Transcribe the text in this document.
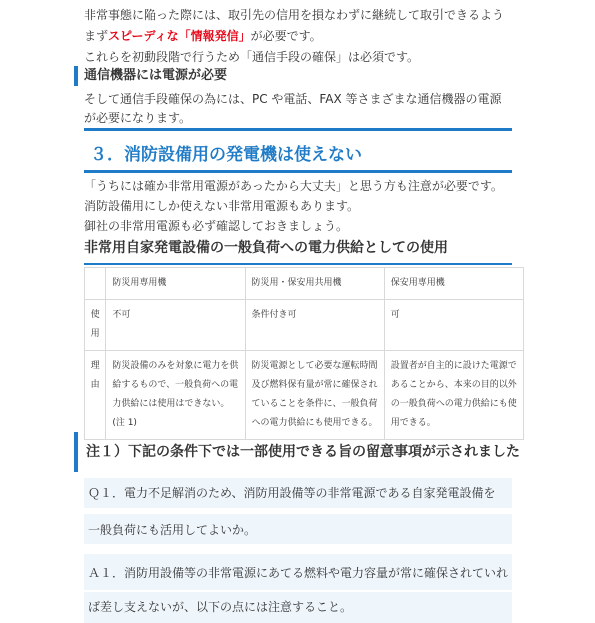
非常事態に陥った際には、取引先の信用を損なわずに継続して取引できるよう
まずスピーディな「情報発信」が必要です。
これらを初動段階で行うため「通信手段の確保」は必須です。
通信機器には電源が必要
そして通信手段確保の為には、PC や電話、FAX 等さまざまな通信機器の電源
が必要になります。
３．消防設備用の発電機は使えない
「うちには確か非常用電源があったから大丈夫」と思う方も注意が必要です。
消防設備用にしか使えない非常用電源もあります。
御社の非常用電源も必ず確認しておきましょう。
非常用自家発電設備の一般負荷への電力供給としての使用
	防災用専用機	防災用・保安用共用機	保安用専用機
使用	不可	条件付き可	可
理由	防災設備のみを対象に電力を供給するもので、一般負荷への電力供給には使用はできない。(注 1)	防災電源として必要な運転時間及び燃料保有量が常に確保されていることを条件に、一般負荷への電力供給にも使用できる。	設置者が自主的に設けた電源であることから、本来の目的以外の一般負荷への電力供給にも使用できる。
注１）下記の条件下では一部使用できる旨の留意事項が示されました
Ｑ１．電力不足解消のため、消防用設備等の非常電源である自家発電設備を
一般負荷にも活用してよいか。
Ａ１．消防用設備等の非常電源にあてる燃料や電力容量が常に確保されていれ
ば差し支えないが、以下の点には注意すること。
